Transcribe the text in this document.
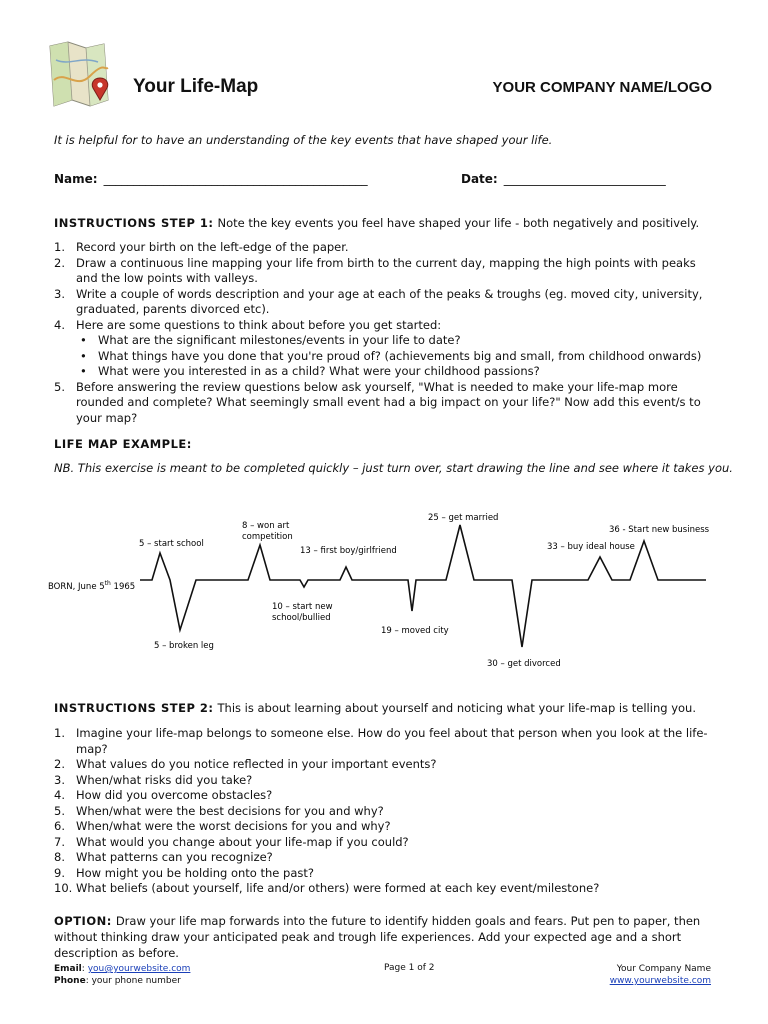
Your Life-Map	YOUR COMPANY NAME/LOGO
It is helpful for to have an understanding of the key events that have shaped your life.
Name: ____________________________________________	Date: ___________________________
INSTRUCTIONS STEP 1: Note the key events you feel have shaped your life - both negatively and positively.
1. Record your birth on the left-edge of the paper.
2. Draw a continuous line mapping your life from birth to the current day, mapping the high points with peaks and the low points with valleys.
3. Write a couple of words description and your age at each of the peaks & troughs (eg. moved city, university, graduated, parents divorced etc).
4. Here are some questions to think about before you get started:
• What are the significant milestones/events in your life to date?
• What things have you done that you're proud of? (achievements big and small, from childhood onwards)
• What were you interested in as a child? What were your childhood passions?
5. Before answering the review questions below ask yourself, "What is needed to make your life-map more rounded and complete? What seemingly small event had a big impact on your life?" Now add this event/s to your map?
LIFE MAP EXAMPLE:
NB. This exercise is meant to be completed quickly – just turn over, start drawing the line and see where it takes you.
BORN, June 5th 1965
5 – start school
5 – broken leg
8 – won art competition
10 – start new school/bullied
13 – first boy/girlfriend
19 – moved city
25 – get married
30 – get divorced
33 – buy ideal house
36 - Start new business
INSTRUCTIONS STEP 2: This is about learning about yourself and noticing what your life-map is telling you.
1. Imagine your life-map belongs to someone else. How do you feel about that person when you look at the life-map?
2. What values do you notice reflected in your important events?
3. When/what risks did you take?
4. How did you overcome obstacles?
5. When/what were the best decisions for you and why?
6. When/what were the worst decisions for you and why?
7. What would you change about your life-map if you could?
8. What patterns can you recognize?
9. How might you be holding onto the past?
10. What beliefs (about yourself, life and/or others) were formed at each key event/milestone?
OPTION: Draw your life map forwards into the future to identify hidden goals and fears. Put pen to paper, then without thinking draw your anticipated peak and trough life experiences. Add your expected age and a short description as before.
Email: you@yourwebsite.com
Phone: your phone number
Page 1 of 2	Your Company Name
www.yourwebsite.com
